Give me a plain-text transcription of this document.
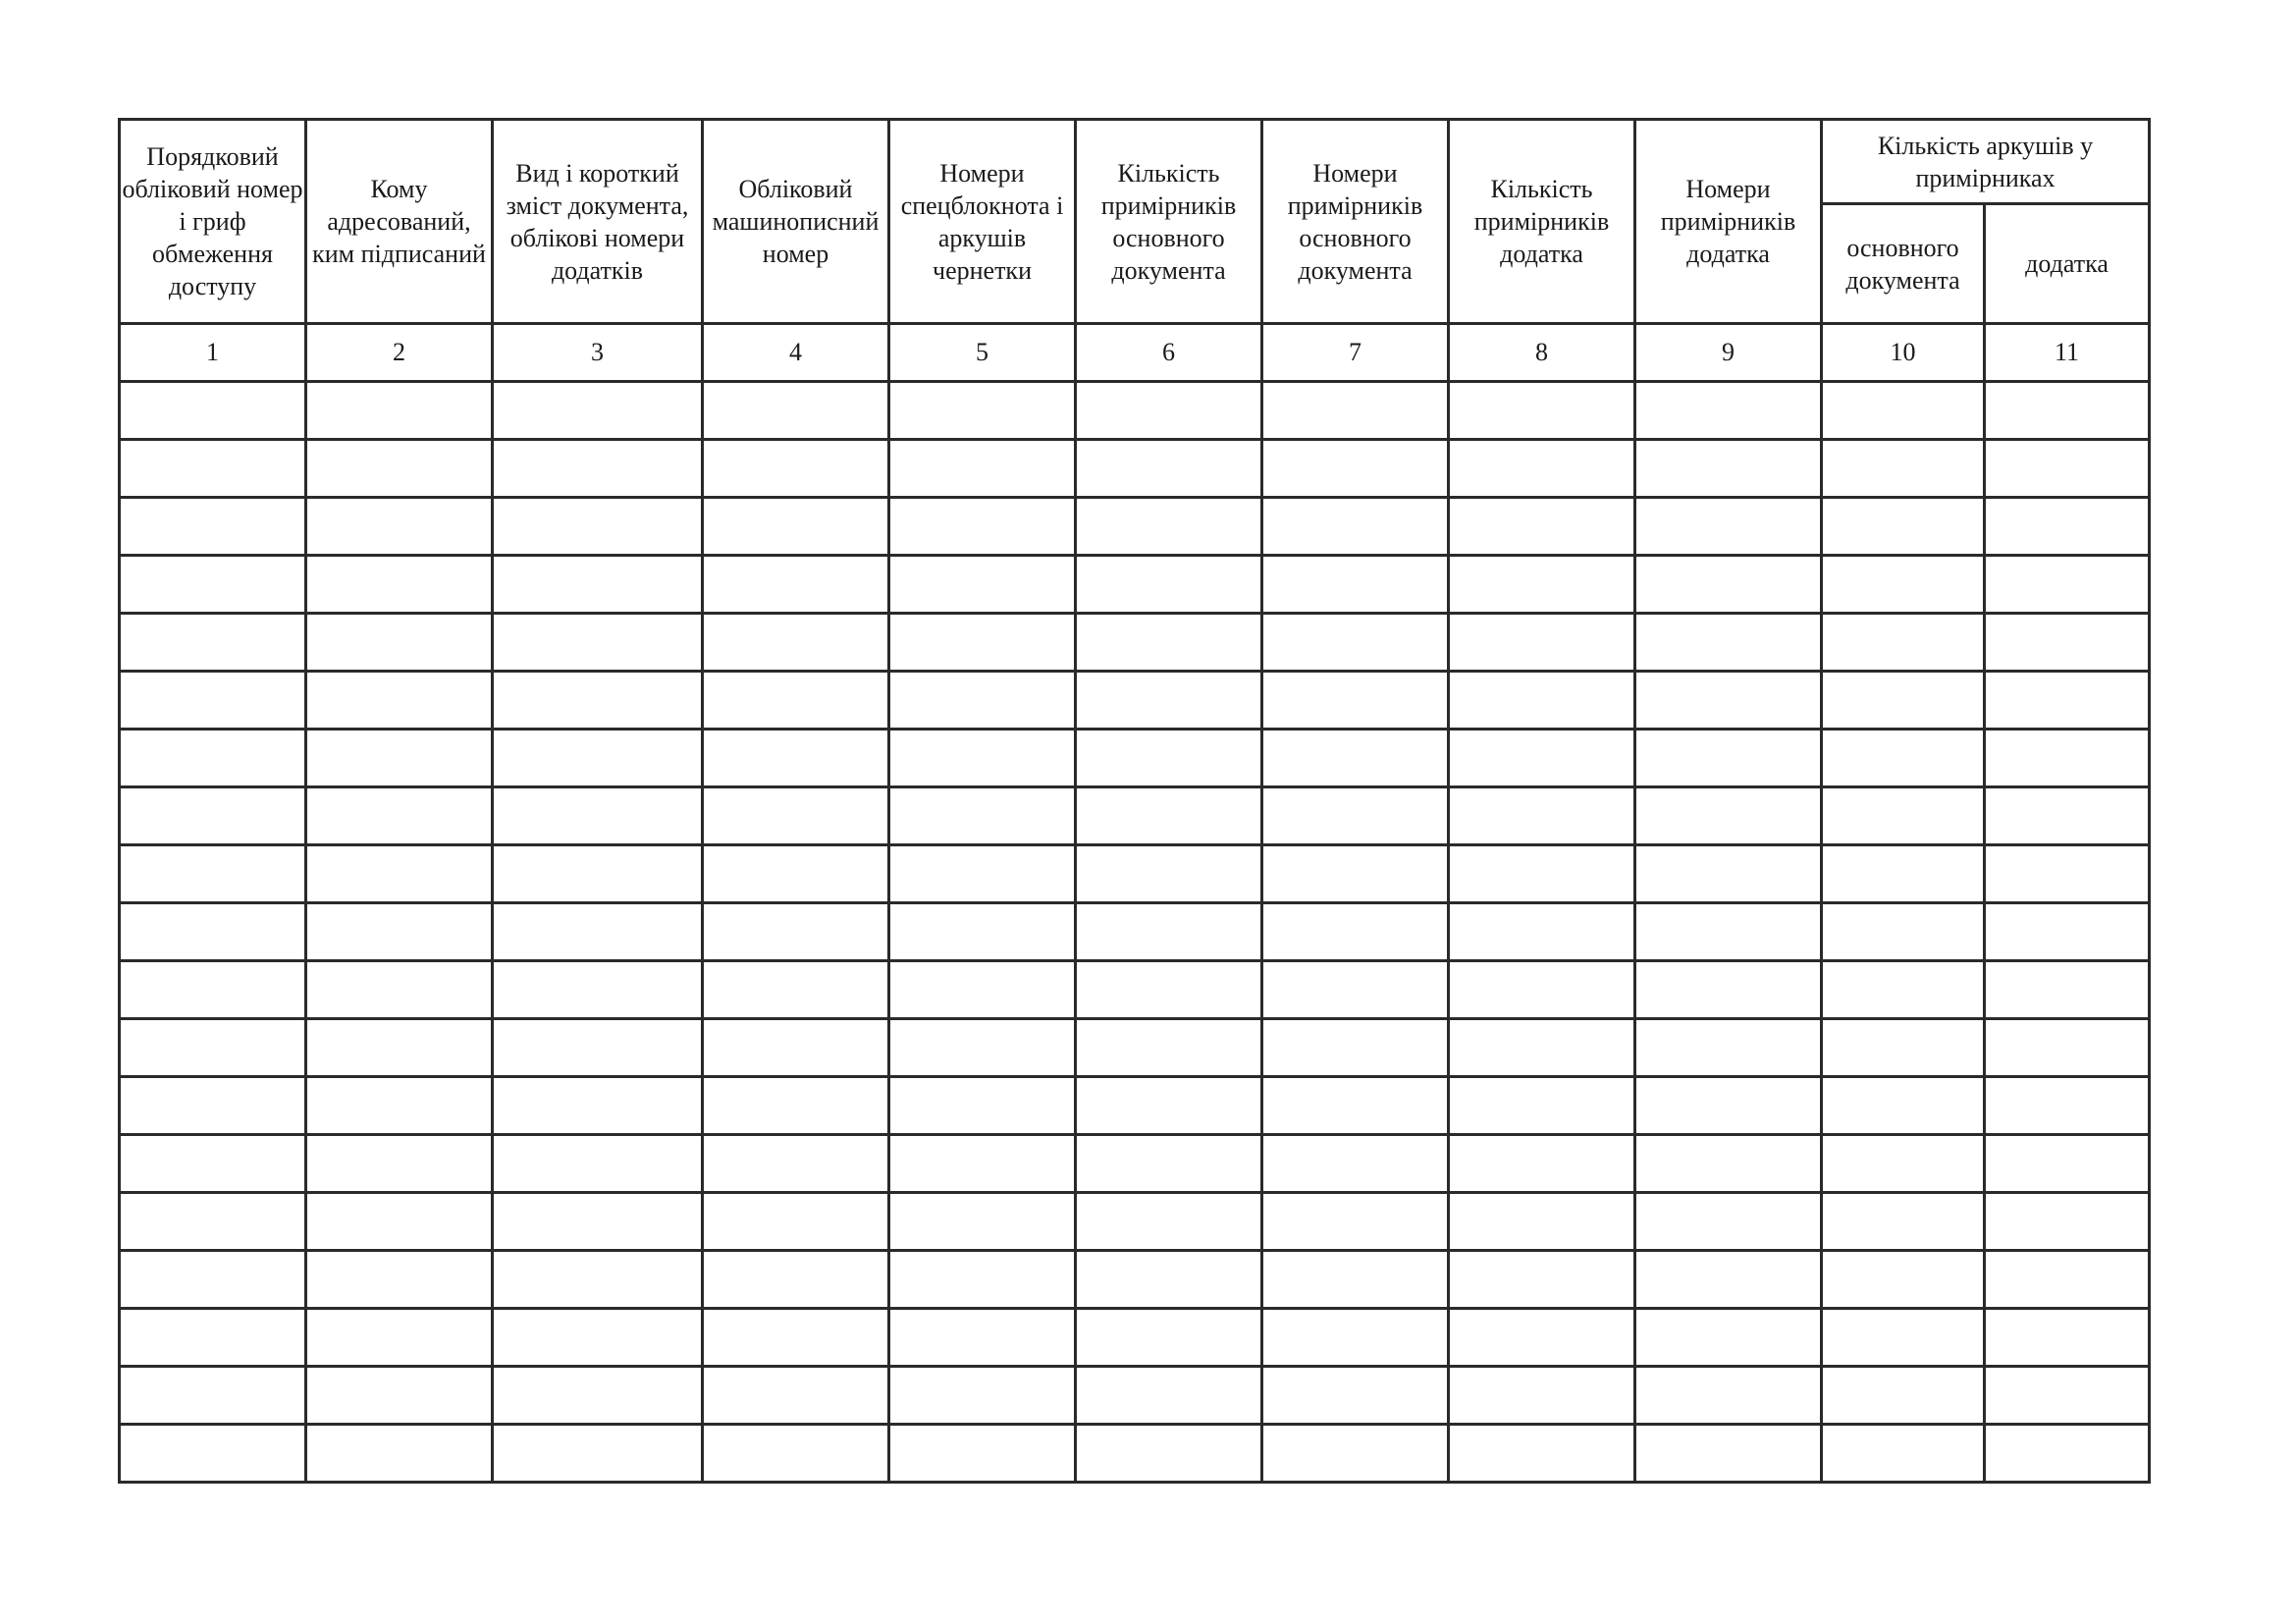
Порядковий обліковий номер і гриф обмеження доступу	Кому адресований, ким підписаний	Вид і короткий зміст документа, облікові номери додатків	Обліковий машинописний номер	Номери спецблокнота і аркушів чернетки	Кількість примірників основного документа	Номери примірників основного документа	Кількість примірників додатка	Номери примірників додатка	Кількість аркушів у примірниках	
									основного документа	додатка
1	2	3	4	5	6	7	8	9	10	11
